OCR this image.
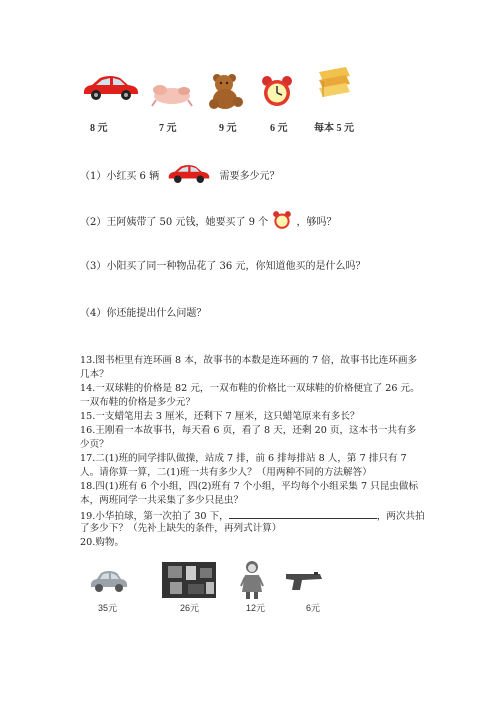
8 元	7 元	9 元	6 元	每本 5 元
（1）小红买 6 辆	需要多少元？
（2）王阿姨带了 50 元钱，她要买了 9 个	，够吗？
（3）小阳买了同一种物品花了 36 元，你知道他买的是什么吗？
（4）你还能提出什么问题？
13.图书柜里有连环画 8 本，故事书的本数是连环画的 7 倍，故事书比连环画多
几本？
14.一双球鞋的价格是 82 元，一双布鞋的价格比一双球鞋的价格便宜了 26 元。
一双布鞋的价格是多少元？
15.一支蜡笔用去 3 厘米，还剩下 7 厘米，这只蜡笔原来有多长？
16.王刚看一本故事书，每天看 6 页，看了 8 天，还剩 20 页，这本书一共有多
少页？
17.二(1)班的同学排队做操，站成 7 排，前 6 排每排站 8 人，第 7 排只有 7
人。请你算一算，二(1)班一共有多少人？（用两种不同的方法解答）
18.四(1)班有 6 个小组，四(2)班有 7 个小组，平均每个小组采集 7 只昆虫做标
本，两班同学一共采集了多少只昆虫？
19.小华拍球，第一次拍了 30 下，	，两次共拍
了多少下？（先补上缺失的条件，再列式计算）
20.购物。
35元	26元	12元	6元
